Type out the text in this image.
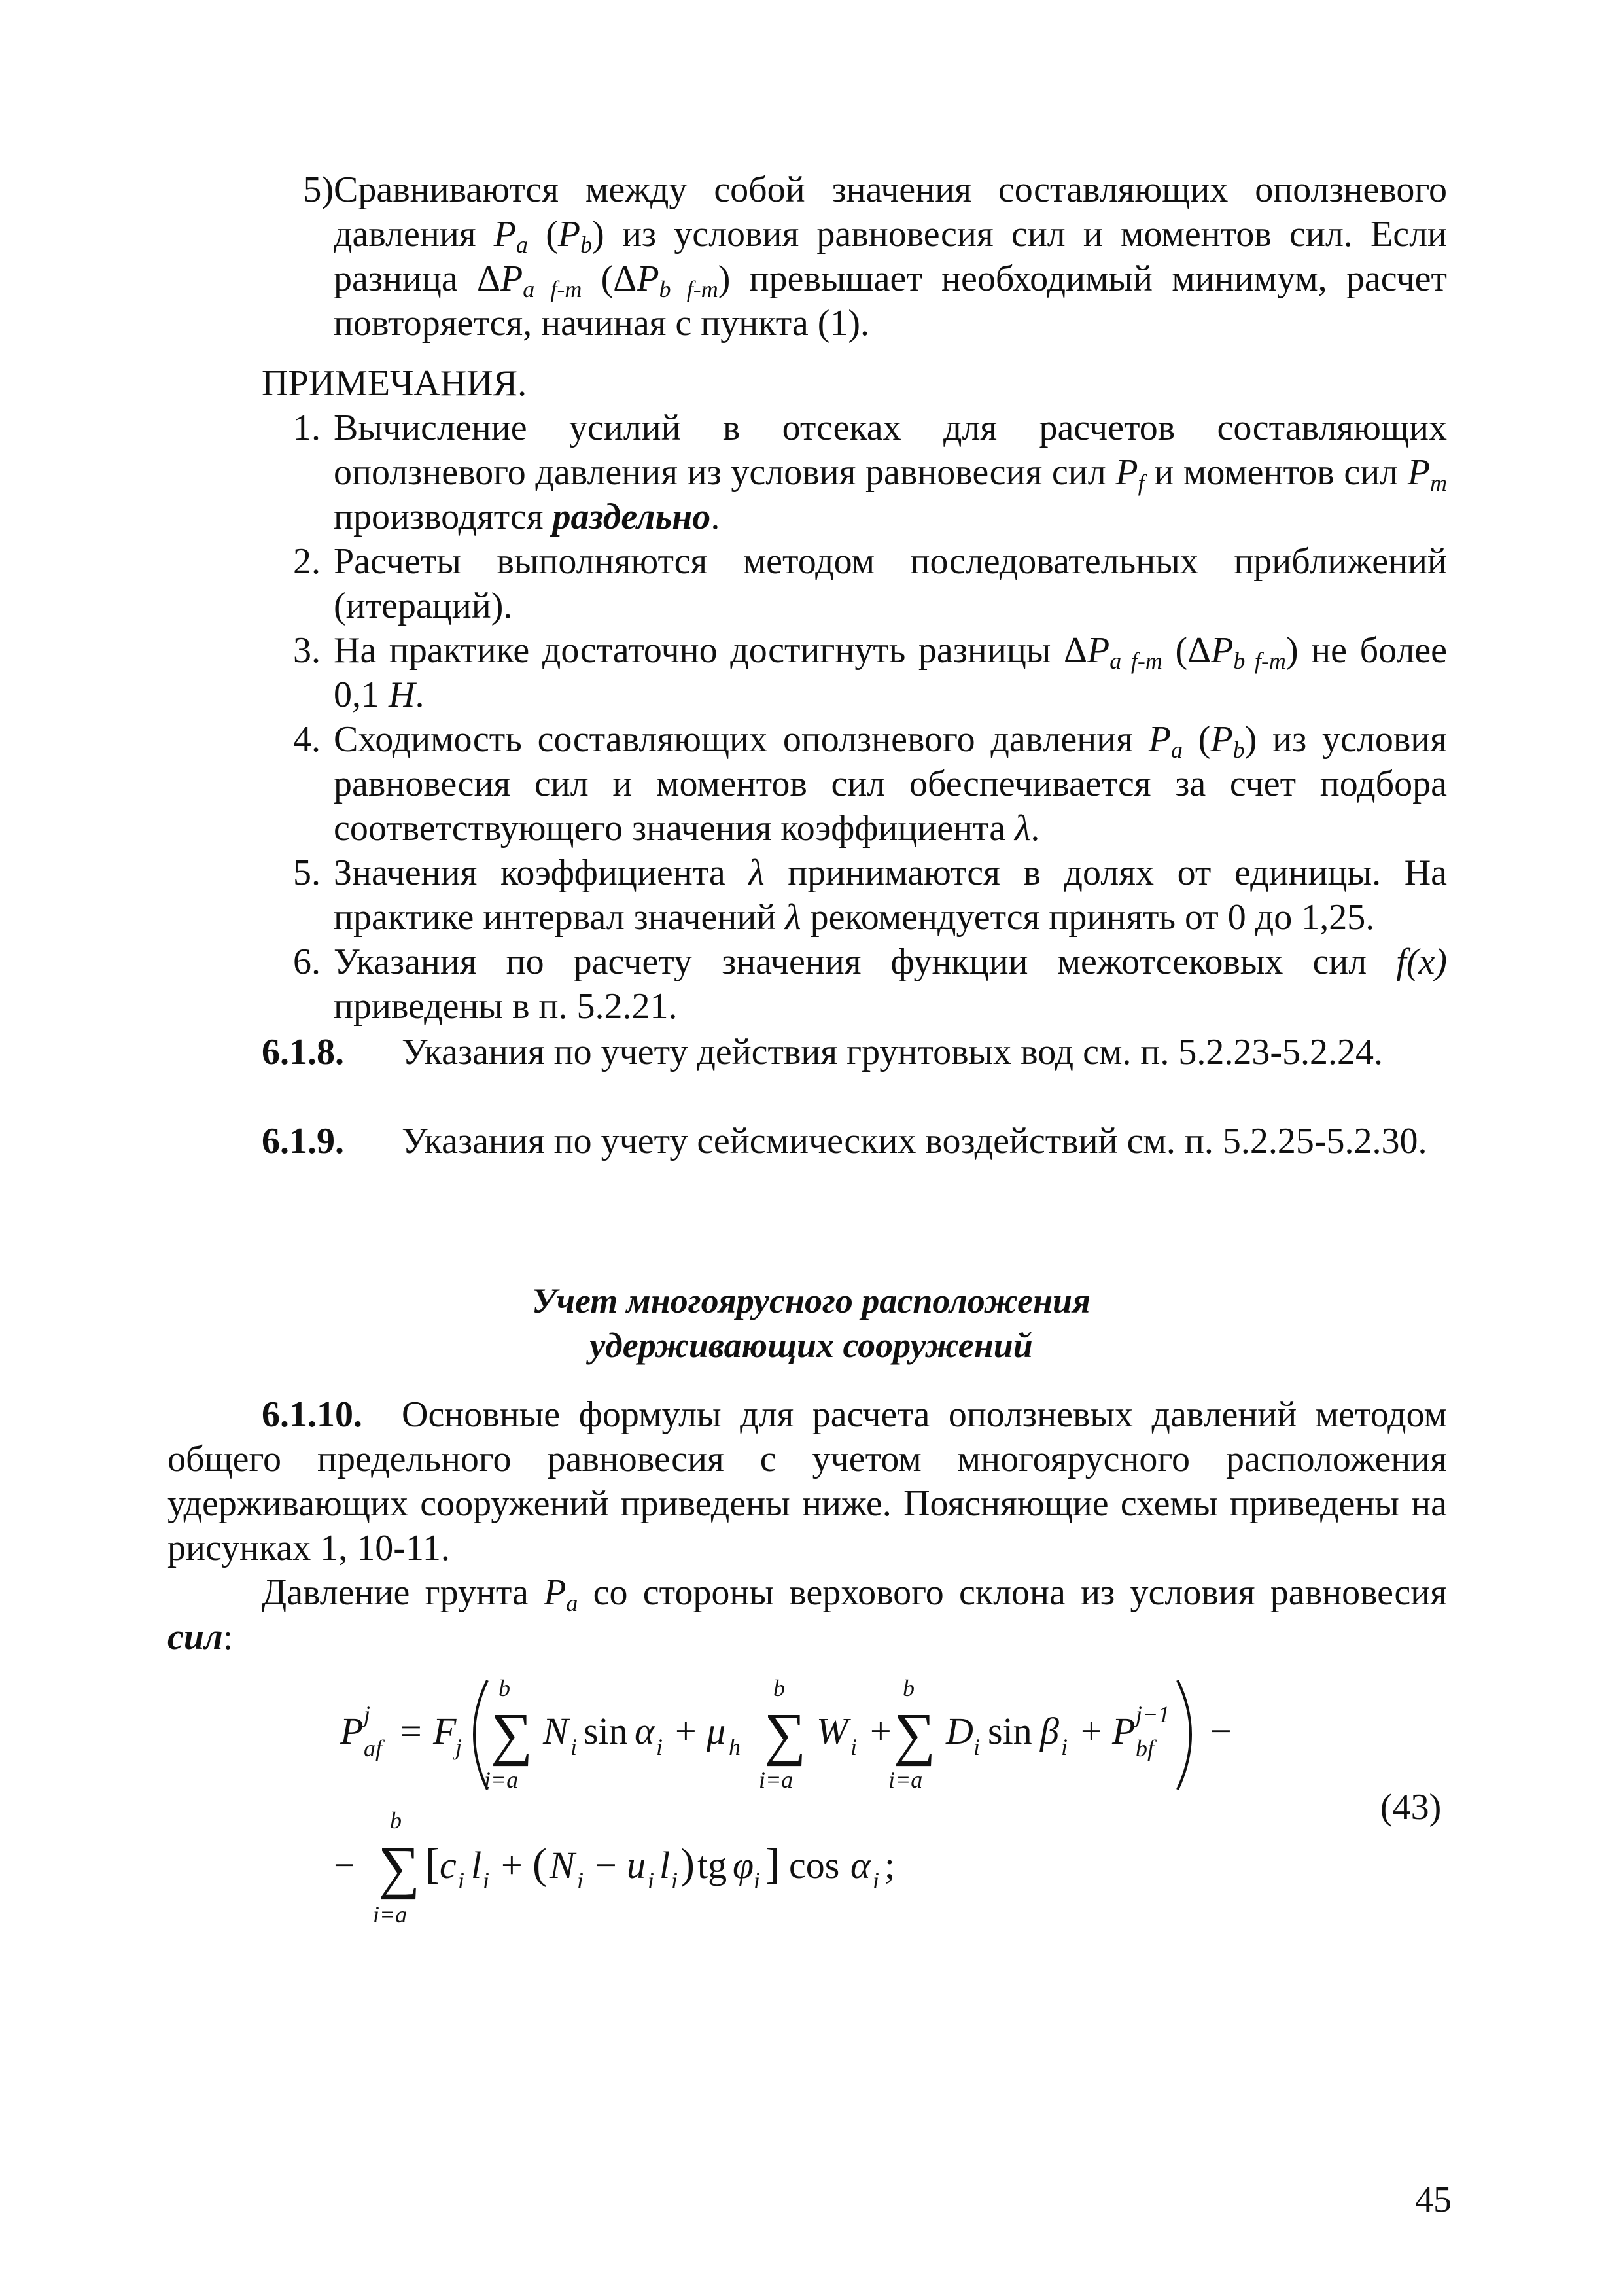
5) Сравниваются между собой значения составляющих оползневого давления $P_a$ $(P_b)$ из условия равновесия сил и моментов сил. Если разница $\Delta P_{a f-m}$ $(\Delta P_{b f-m})$ превышает необходимый минимум, расчет повторяется, начиная с пункта (1).
ПРИМЕЧАНИЯ.
1. Вычисление усилий в отсеках для расчетов составляющих оползневого давления из условия равновесия сил $P_f$ и моментов сил $P_m$ производятся раздельно.
2. Расчеты выполняются методом последовательных приближений (итераций).
3. На практике достаточно достигнуть разницы $\Delta P_{a f-m}$ $(\Delta P_{b f-m})$ не более 0,1 H.
4. Сходимость составляющих оползневого давления $P_a$ $(P_b)$ из условия равновесия сил и моментов сил обеспечивается за счет подбора соответствующего значения коэффициента λ.
5. Значения коэффициента λ принимаются в долях от единицы. На практике интервал значений λ рекомендуется принять от 0 до 1,25.
6. Указания по расчету значения функции межотсековых сил f(x) приведены в п. 5.2.21.
6.1.8. Указания по учету действия грунтовых вод см. п. 5.2.23-5.2.24.
6.1.9. Указания по учету сейсмических воздействий см. п. 5.2.25-5.2.30.
Учет многоярусного расположения
удерживающих сооружений
6.1.10. Основные формулы для расчета оползневых давлений методом общего предельного равновесия с учетом многоярусного расположения удерживающих сооружений приведены ниже. Поясняющие схемы приведены на рисунках 1, 10-11.
Давление грунта $P_a$ со стороны верхового склона из условия равновесия сил:
P j
af = F
j
b
∑
i=a
N i sin α i + μ h
b
∑
i=a
W i +
b
∑
i=a
D i sin β i + P j−1
bf −
−
b
∑
i=a
[ c i l i + ( N i − u i l i ) tg φ i ] cos α i ;
(43)
45
